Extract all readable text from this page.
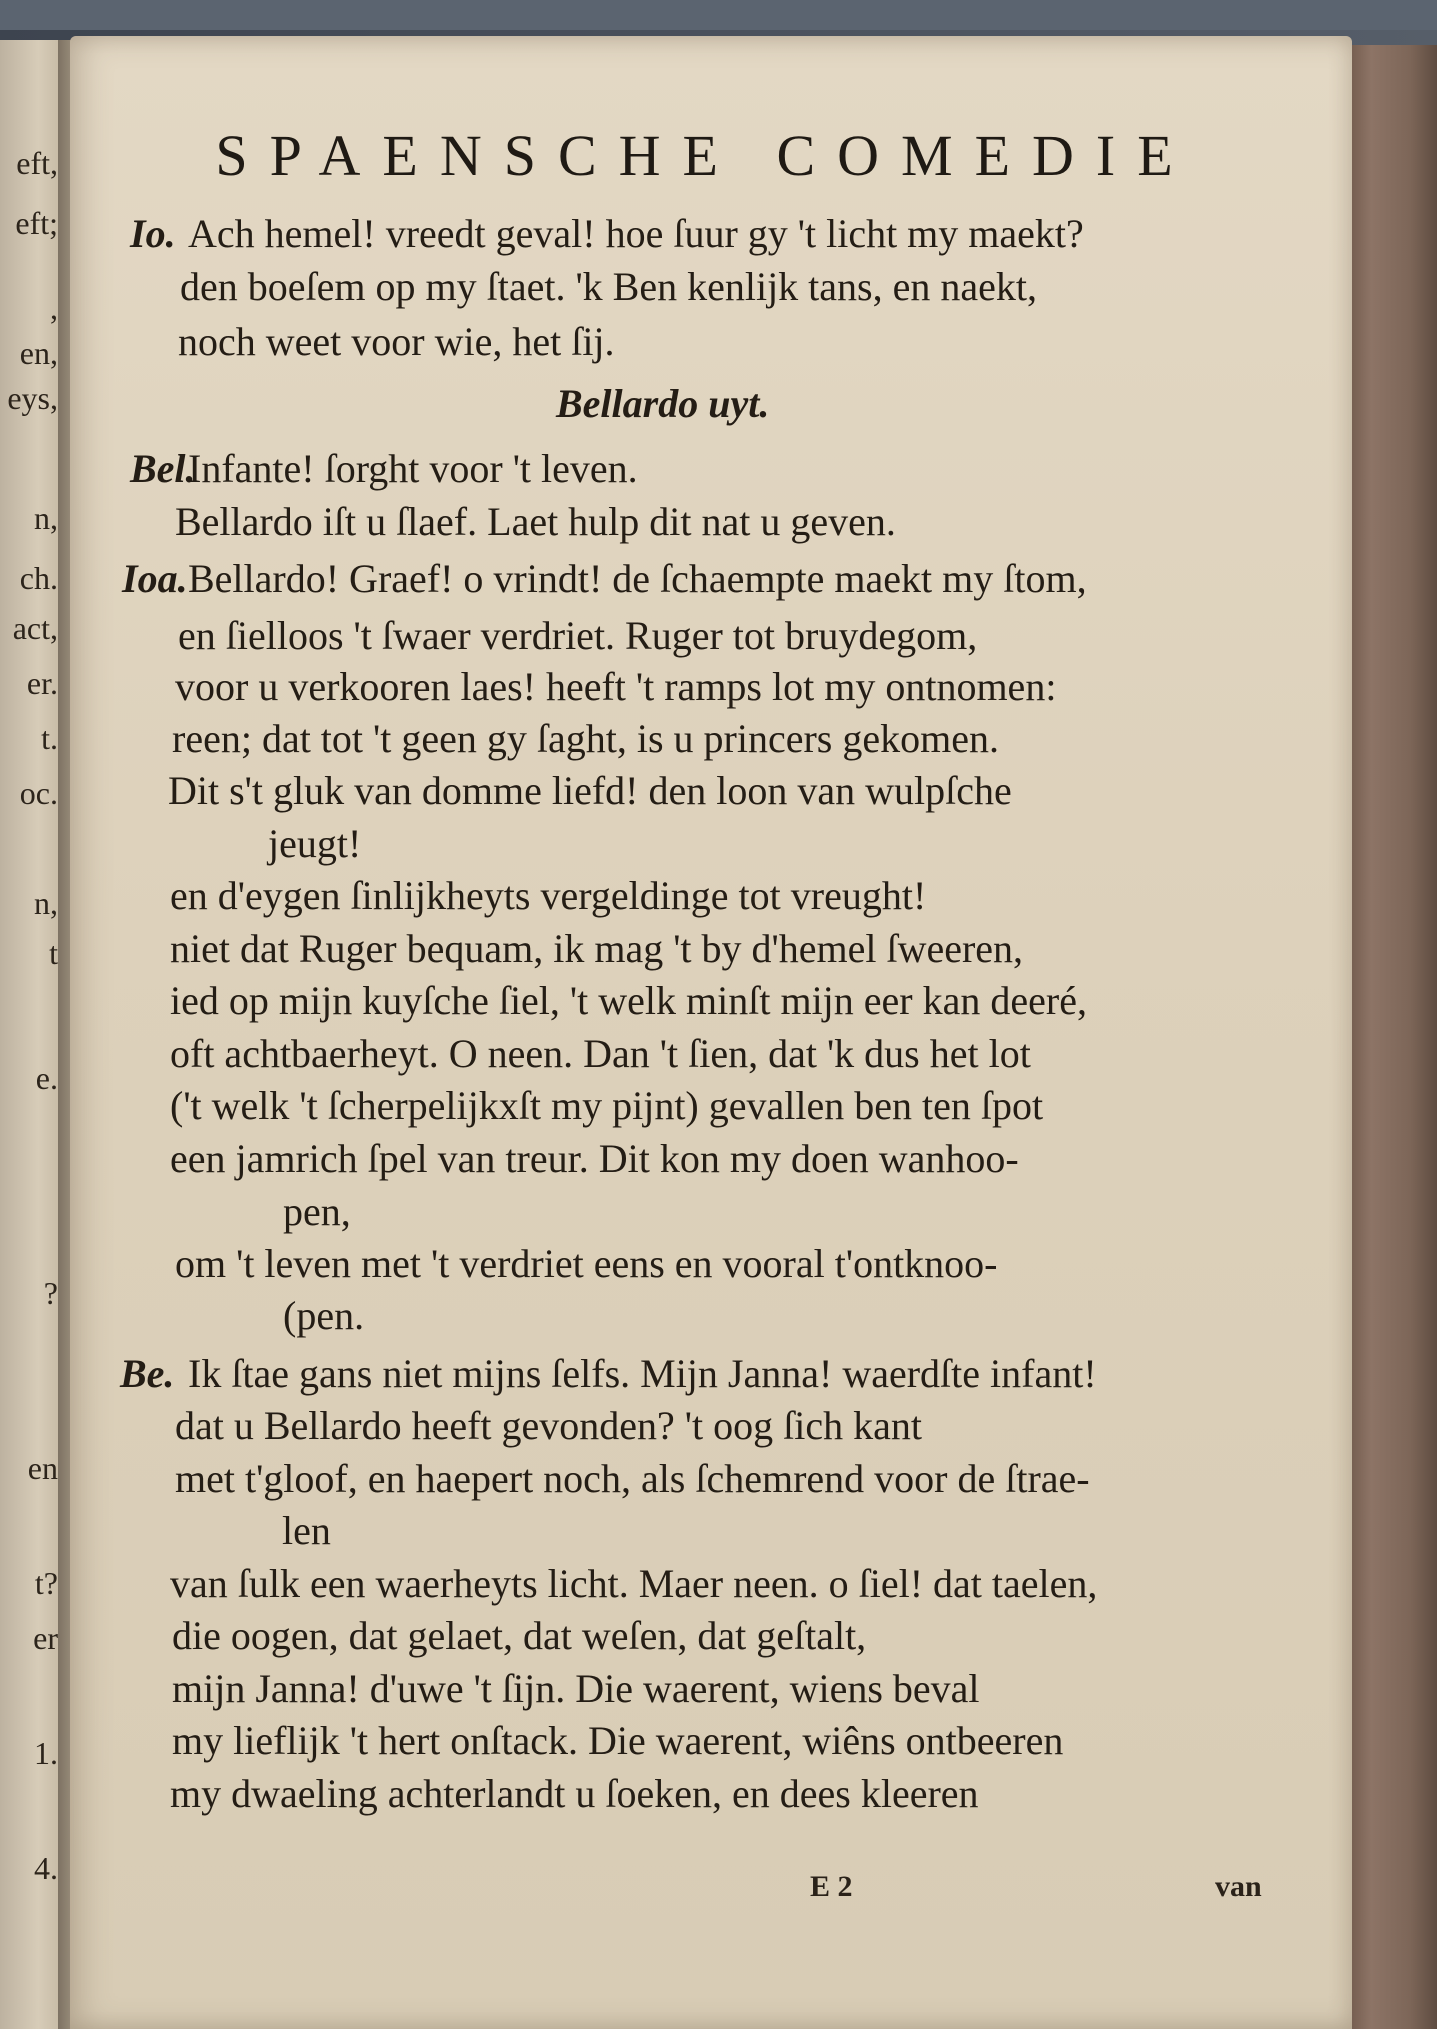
eft,
eft;
,
en,
eys,
n,
ch.
act,
er.
t.
oc.
n,
t
e.
?
en
t?
er
1.
4.
SPAENSCHE COMEDIE
Io. Ach hemel! vreedt geval! hoe ſuur gy 't licht my maekt?
den boeſem op my ſtaet. 'k Ben kenlijk tans, en naekt,
noch weet voor wie, het ſij.
Bellardo uyt.
Bel.
Infante! ſorght voor 't leven.
Bellardo iſt u ſlaef. Laet hulp dit nat u geven.
Ioa. Bellardo! Graef! o vrindt! de ſchaempte maekt my ſtom,
en ſielloos 't ſwaer verdriet. Ruger tot bruydegom,
voor u verkooren laes! heeft 't ramps lot my ontnomen:
reen; dat tot 't geen gy ſaght, is u princers gekomen.
Dit s't gluk van domme liefd! den loon van wulpſche
jeugt!
en d'eygen ſinlijkheyts vergeldinge tot vreught!
niet dat Ruger bequam, ik mag 't by d'hemel ſweeren,
ied op mijn kuyſche ſiel, 't welk minſt mijn eer kan deeré,
oft achtbaerheyt. O neen. Dan 't ſien, dat 'k dus het lot
('t welk 't ſcherpelijkxſt my pijnt) gevallen ben ten ſpot
een jamrich ſpel van treur. Dit kon my doen wanhoo-
pen,
om 't leven met 't verdriet eens en vooral t'ontknoo-
(pen.
Be. Ik ſtae gans niet mijns ſelfs. Mijn Janna! waerdſte infant!
dat u Bellardo heeft gevonden? 't oog ſich kant
met t'gloof, en haepert noch, als ſchemrend voor de ſtrae-
len
van ſulk een waerheyts licht. Maer neen. o ſiel! dat taelen,
die oogen, dat gelaet, dat weſen, dat geſtalt,
mijn Janna! d'uwe 't ſijn. Die waerent, wiens beval
my lieflijk 't hert onſtack. Die waerent, wiêns ontbeeren
my dwaeling achterlandt u ſoeken, en dees kleeren
E 2	van
